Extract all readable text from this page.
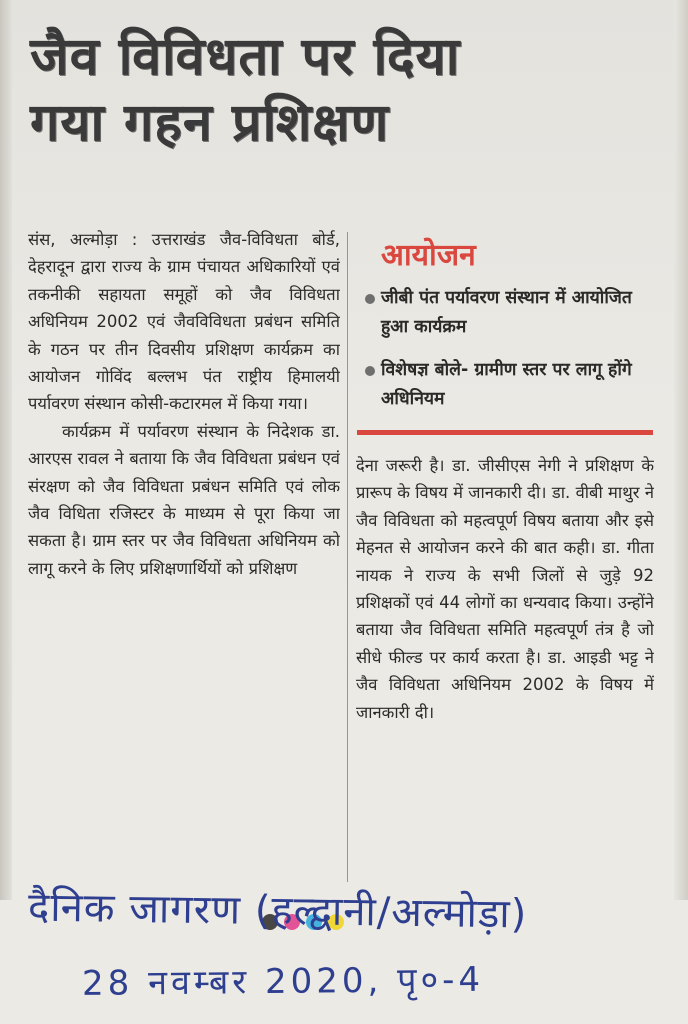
जैव विविधता पर दिया
गया गहन प्रशिक्षण

संस, अल्मोड़ा : उत्तराखंड जैव-विविधता बोर्ड, देहरादून द्वारा राज्य के ग्राम पंचायत अधिकारियों एवं तकनीकी सहायता समूहों को जैव विविधता अधिनियम 2002 एवं जैवविविधता प्रबंधन समिति के गठन पर तीन दिवसीय प्रशिक्षण कार्यक्रम का आयोजन गोविंद बल्लभ पंत राष्ट्रीय हिमालयी पर्यावरण संस्थान कोसी-कटारमल में किया गया।

कार्यक्रम में पर्यावरण संस्थान के निदेशक डा. आरएस रावल ने बताया कि जैव विविधता प्रबंधन एवं संरक्षण को जैव विविधता प्रबंधन समिति एवं लोक जैव विधिता रजिस्टर के माध्यम से पूरा किया जा सकता है। ग्राम स्तर पर जैव विविधता अधिनियम को लागू करने के लिए प्रशिक्षणार्थियों को प्रशिक्षण

आयोजन
जीबी पंत पर्यावरण संस्थान में आयोजित हुआ कार्यक्रम
विशेषज्ञ बोले- ग्रामीण स्तर पर लागू होंगे अधिनियम

देना जरूरी है। डा. जीसीएस नेगी ने प्रशिक्षण के प्रारूप के विषय में जानकारी दी। डा. वीबी माथुर ने जैव विविधता को महत्वपूर्ण विषय बताया और इसे मेहनत से आयोजन करने की बात कही। डा. गीता नायक ने राज्य के सभी जिलों से जुड़े 92 प्रशिक्षकों एवं 44 लोगों का धन्यवाद किया। उन्होंने बताया जैव विविधता समिति महत्वपूर्ण तंत्र है जो सीधे फील्ड पर कार्य करता है। डा. आइडी भट्ट ने जैव विविधता अधिनियम 2002 के विषय में जानकारी दी।

दैनिक जागरण (हल्द्वानी/अल्मोड़ा)
28 नवम्बर 2020, पृ०-4
